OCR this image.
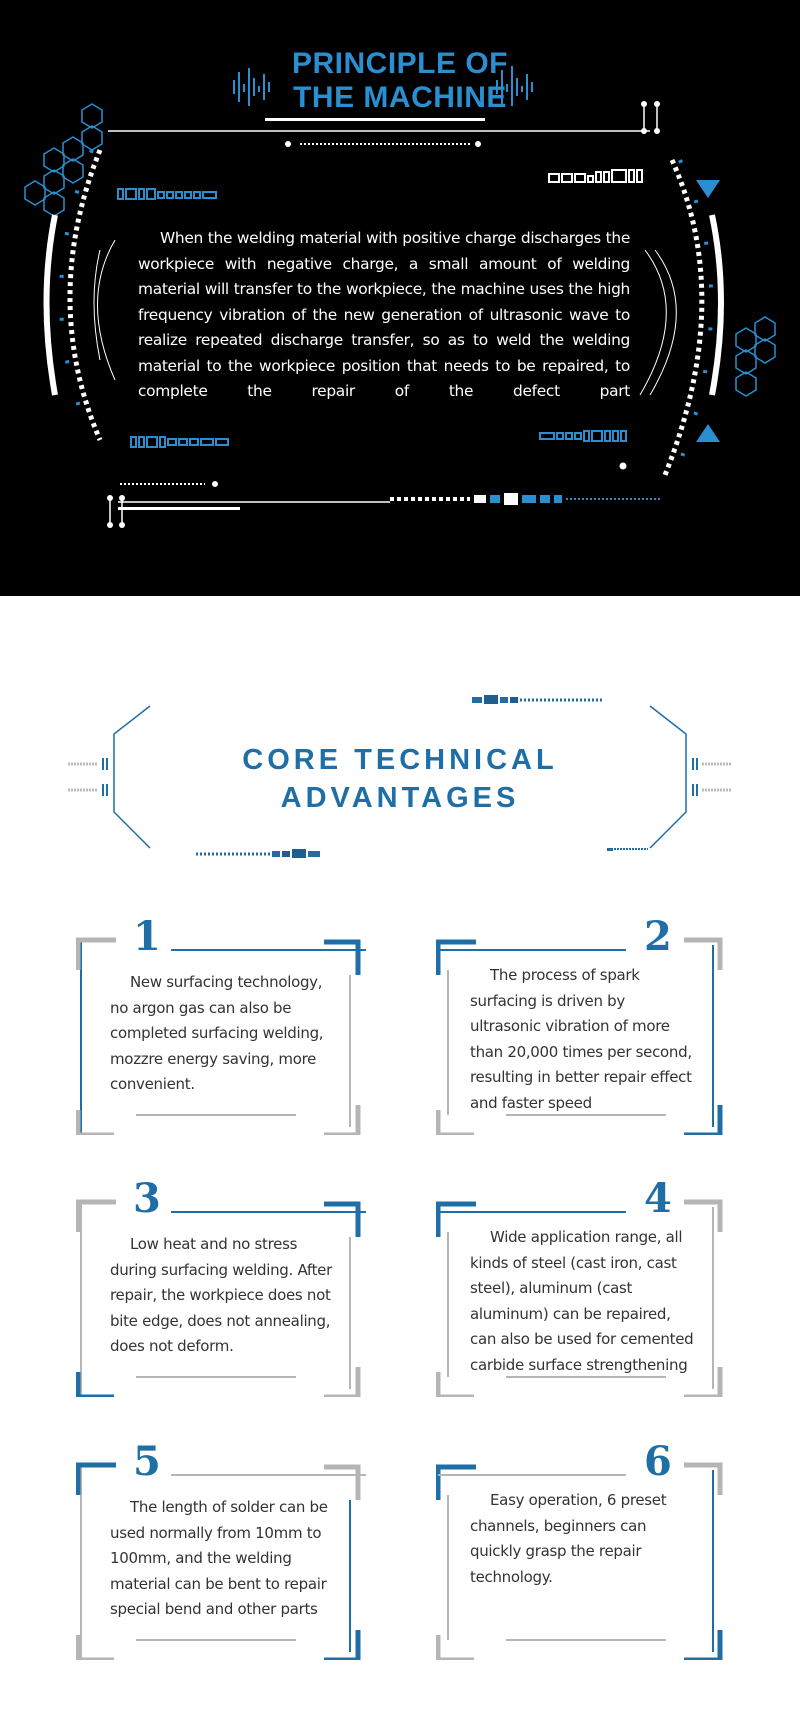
PRINCIPLE OF
THE MACHINE

When the welding material with positive charge discharges the workpiece with negative charge, a small amount of welding material will transfer to the workpiece, the machine uses the high frequency vibration of the new generation of ultrasonic wave to realize repeated discharge transfer, so as to weld the welding material to the workpiece position that needs to be repaired, to complete the repair of the defect part

CORE TECHNICAL
ADVANTAGES
1

New surfacing technology, no argon gas can also be completed surfacing welding, mozzre energy saving, more convenient.

2

The process of spark surfacing is driven by ultrasonic vibration of more than 20,000 times per second, resulting in better repair effect and faster speed

3

Low heat and no stress during surfacing welding. After repair, the workpiece does not bite edge, does not annealing, does not deform.

4

Wide application range, all kinds of steel (cast iron, cast steel), aluminum (cast aluminum) can be repaired, can also be used for cemented carbide surface strengthening

5

The length of solder can be used normally from 10mm to 100mm, and the welding material can be bent to repair special bend and other parts

6

Easy operation, 6 preset channels, beginners can quickly grasp the repair technology.
